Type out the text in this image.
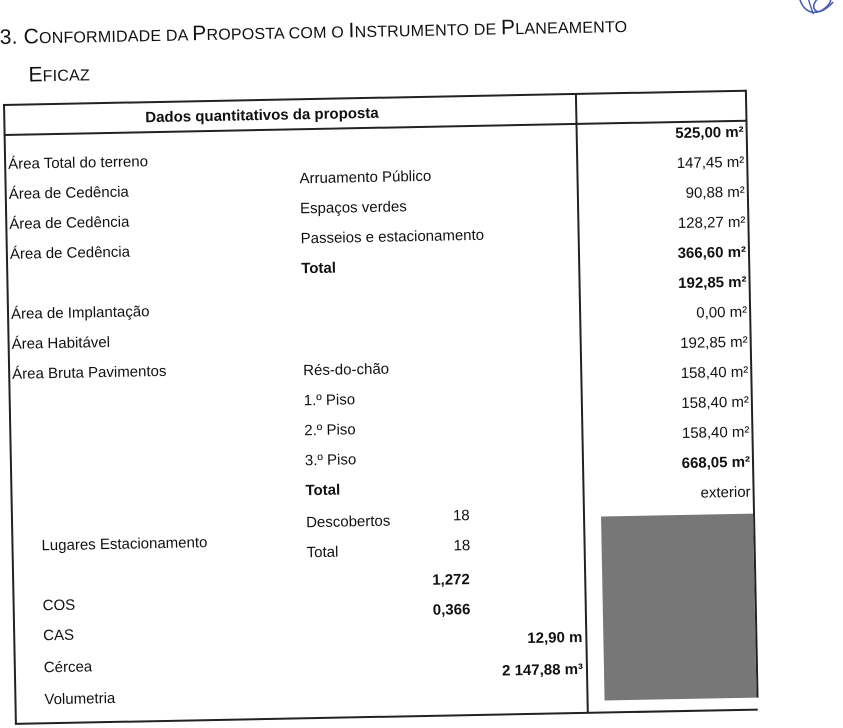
3. CONFORMIDADE DA PROPOSTA COM O INSTRUMENTO DE PLANEAMENTO
EFICAZ
Dados quantitativos da proposta
525,00 m²
147,45 m²
90,88 m²
128,27 m²
366,60 m²
192,85 m²
0,00 m²
192,85 m²
158,40 m²
158,40 m²
158,40 m²
668,05 m²
exterior
Área Total do terreno
Área de Cedência
Área de Cedência
Área de Cedência
Área de Implantação
Área Habitável
Área Bruta Pavimentos
Arruamento Público
Espaços verdes
Passeios e estacionamento
Total
Rés-do-chão
1.º Piso
2.º Piso
3.º Piso
Total
Lugares Estacionamento
Descobertos	18
Total	18
COS
1,272
CAS
0,366
Cércea
12,90 m
Volumetria
2 147,88 m³
